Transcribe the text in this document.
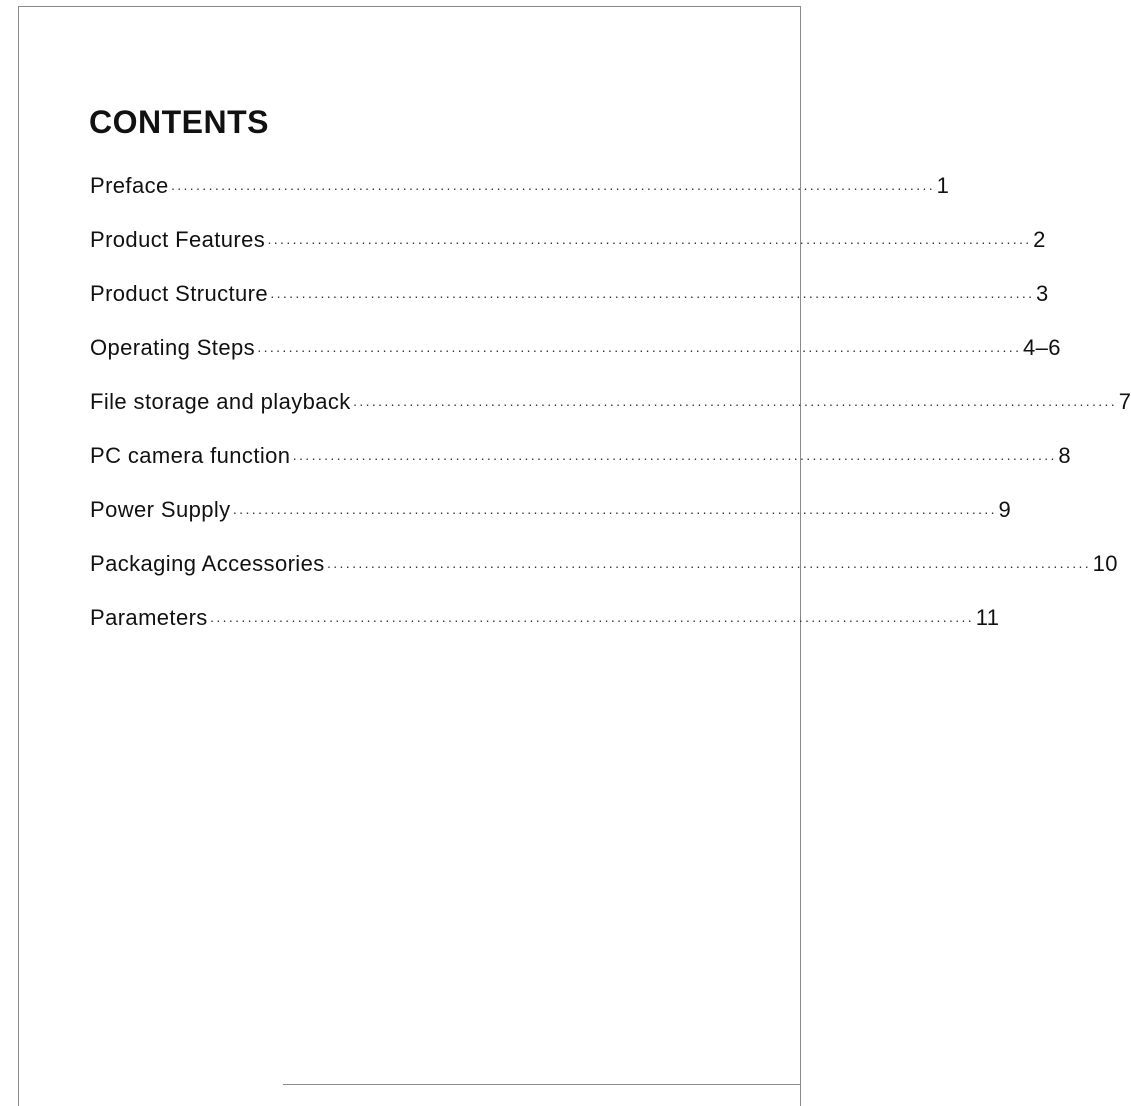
CONTENTS
Preface ·························································································································· 1
Product Features ·························································································································· 2
Product Structure ·························································································································· 3
Operating Steps ·························································································································· 4–6
File storage and playback ·························································································································· 7
PC camera function ·························································································································· 8
Power Supply ·························································································································· 9
Packaging Accessories ·························································································································· 10
Parameters ·························································································································· 11
